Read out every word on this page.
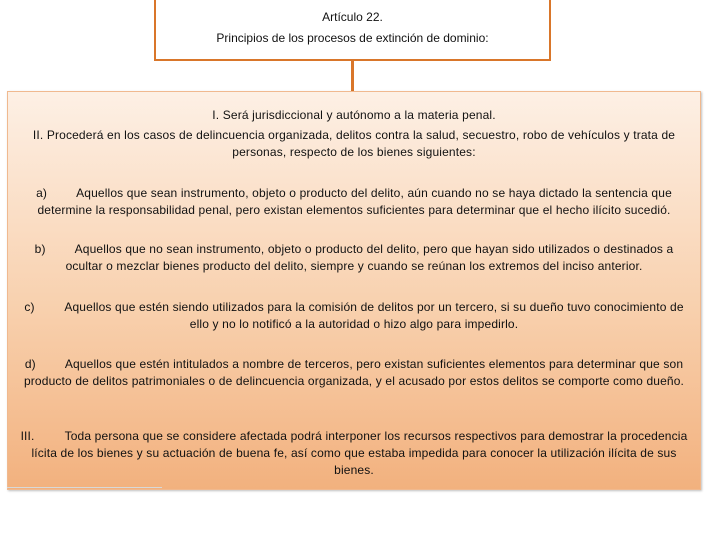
Artículo 22.
Principios de los procesos de extinción de dominio:
I. Será jurisdiccional y autónomo a la materia penal.
II. Procederá en los casos de delincuencia organizada, delitos contra la salud, secuestro, robo de vehículos y trata de personas, respecto de los bienes siguientes:
a) Aquellos que sean instrumento, objeto o producto del delito, aún cuando no se haya dictado la sentencia que determine la responsabilidad penal, pero existan elementos suficientes para determinar que el hecho ilícito sucedió.
b) Aquellos que no sean instrumento, objeto o producto del delito, pero que hayan sido utilizados o destinados a ocultar o mezclar bienes producto del delito, siempre y cuando se reúnan los extremos del inciso anterior.
c) Aquellos que estén siendo utilizados para la comisión de delitos por un tercero, si su dueño tuvo conocimiento de ello y no lo notificó a la autoridad o hizo algo para impedirlo.
d) Aquellos que estén intitulados a nombre de terceros, pero existan suficientes elementos para determinar que son producto de delitos patrimoniales o de delincuencia organizada, y el acusado por estos delitos se comporte como dueño.
III.	Toda persona que se considere afectada podrá interponer los recursos respectivos para demostrar la procedencia lícita de los bienes y su actuación de buena fe, así como que estaba impedida para conocer la utilización ilícita de sus bienes.
